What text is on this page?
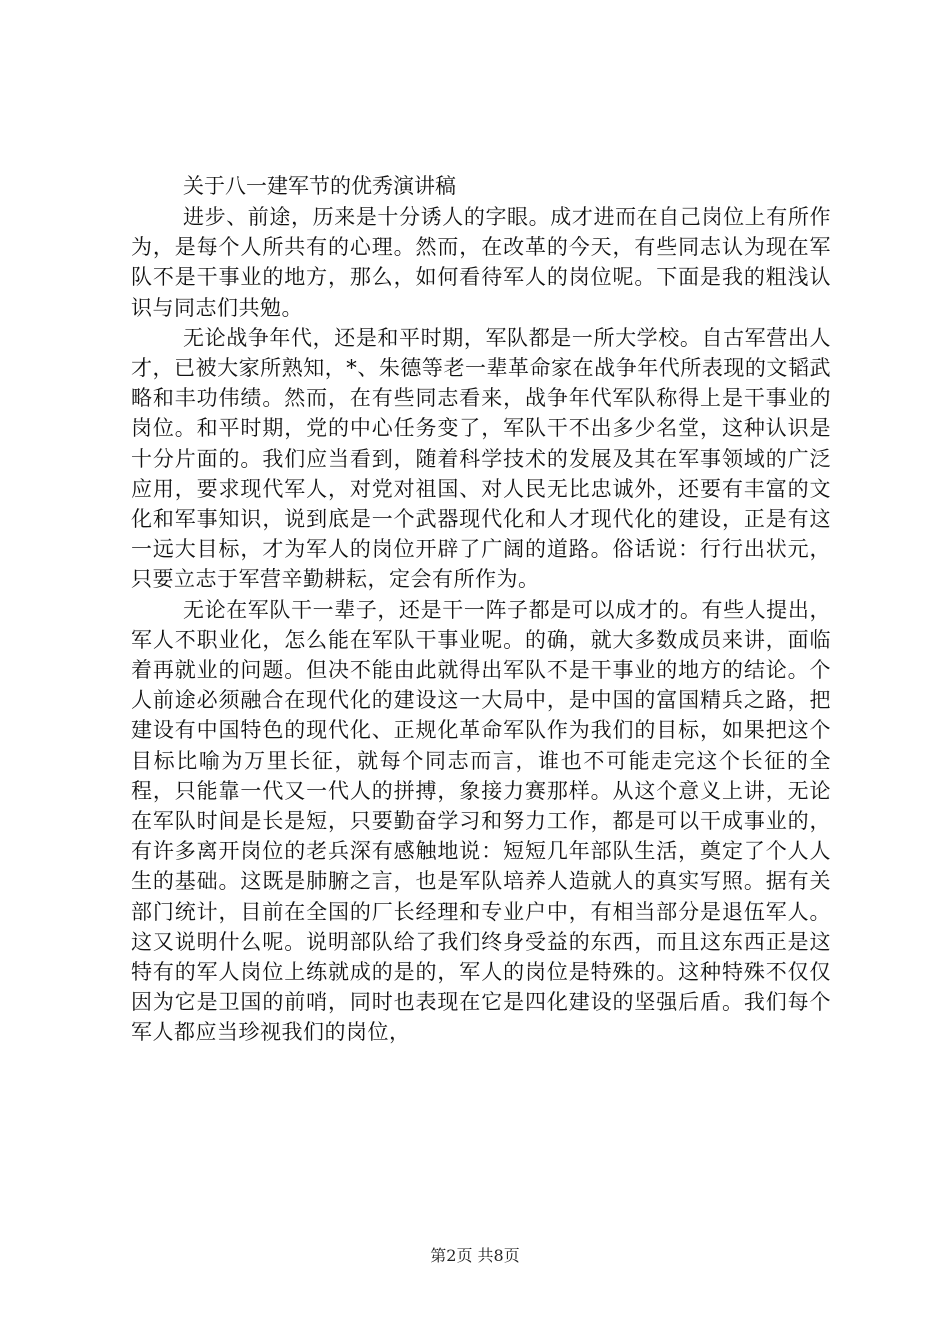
关于八一建军节的优秀演讲稿

进步、前途，历来是十分诱人的字眼。成才进而在自己岗位上有所作为，是每个人所共有的心理。然而，在改革的今天，有些同志认为现在军队不是干事业的地方，那么，如何看待军人的岗位呢。下面是我的粗浅认识与同志们共勉。

无论战争年代，还是和平时期，军队都是一所大学校。自古军营出人才，已被大家所熟知，*、朱德等老一辈革命家在战争年代所表现的文韬武略和丰功伟绩。然而，在有些同志看来，战争年代军队称得上是干事业的岗位。和平时期，党的中心任务变了，军队干不出多少名堂，这种认识是十分片面的。我们应当看到，随着科学技术的发展及其在军事领域的广泛应用，要求现代军人，对党对祖国、对人民无比忠诚外，还要有丰富的文化和军事知识，说到底是一个武器现代化和人才现代化的建设，正是有这一远大目标，才为军人的岗位开辟了广阔的道路。俗话说：行行出状元，只要立志于军营辛勤耕耘，定会有所作为。

无论在军队干一辈子，还是干一阵子都是可以成才的。有些人提出，军人不职业化，怎么能在军队干事业呢。的确，就大多数成员来讲，面临着再就业的问题。但决不能由此就得出军队不是干事业的地方的结论。个人前途必须融合在现代化的建设这一大局中，是中国的富国精兵之路，把建设有中国特色的现代化、正规化革命军队作为我们的目标，如果把这个目标比喻为万里长征，就每个同志而言，谁也不可能走完这个长征的全程，只能靠一代又一代人的拼搏，象接力赛那样。从这个意义上讲，无论在军队时间是长是短，只要勤奋学习和努力工作，都是可以干成事业的，有许多离开岗位的老兵深有感触地说：短短几年部队生活，奠定了个人人生的基础。这既是肺腑之言，也是军队培养人造就人的真实写照。据有关部门统计，目前在全国的厂长经理和专业户中，有相当部分是退伍军人。这又说明什么呢。说明部队给了我们终身受益的东西，而且这东西正是这特有的军人岗位上练就成的是的，军人的岗位是特殊的。这种特殊不仅仅因为它是卫国的前哨，同时也表现在它是四化建设的坚强后盾。我们每个军人都应当珍视我们的岗位，

第2页 共8页
